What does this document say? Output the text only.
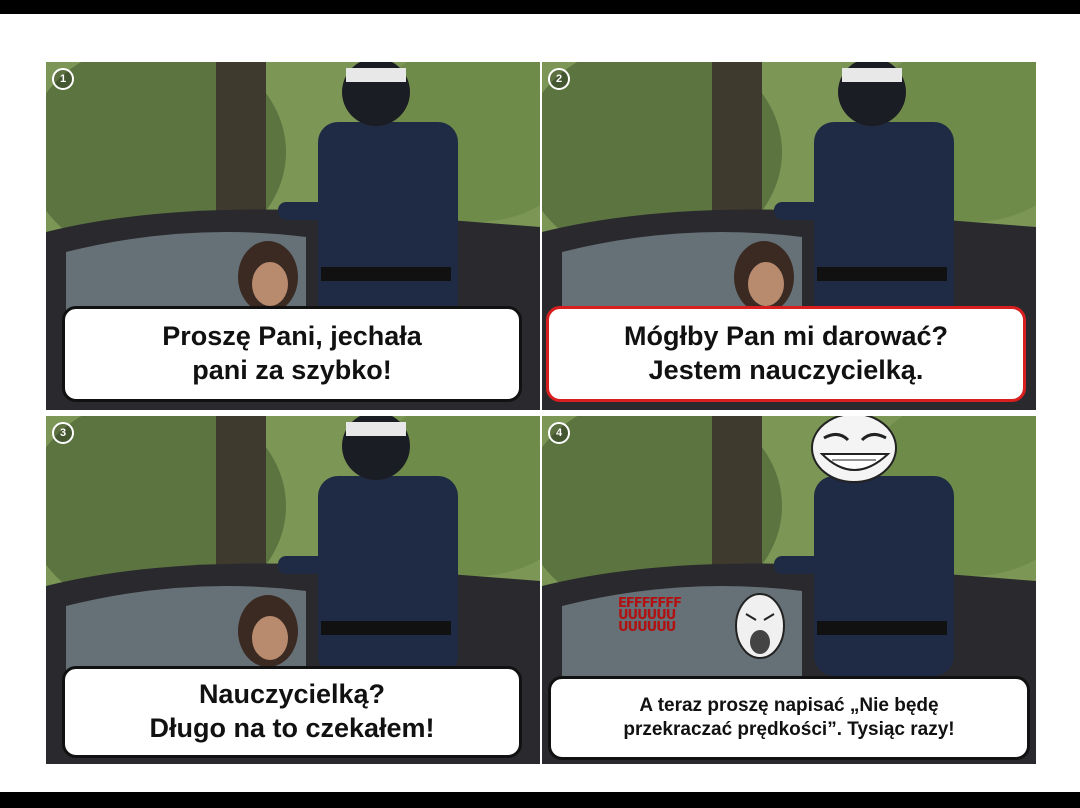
1
Proszę Pani, jechała
pani za szybko!
2
Mógłby Pan mi darować?
Jestem nauczycielką.
3
Nauczycielką?
Długo na to czekałem!
4
EFFFFFFF
UUUUUU
UUUUUU
A teraz proszę napisać „Nie będę
przekraczać prędkości”. Tysiąc razy!
